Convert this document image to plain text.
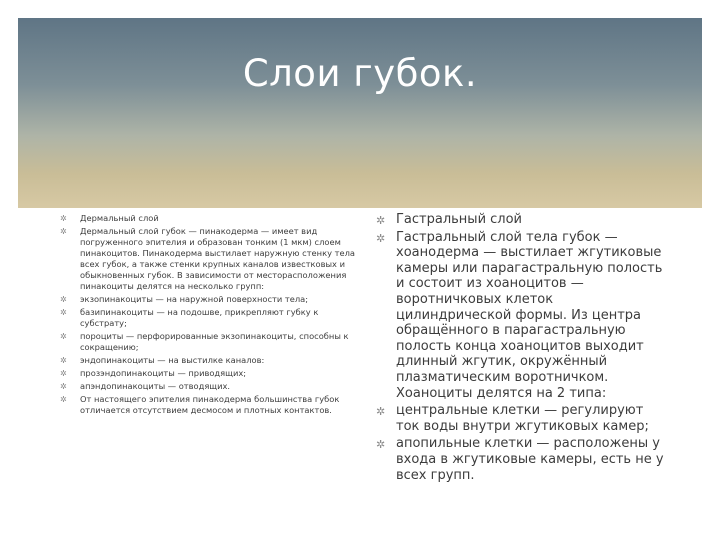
Слои губок.
✲ Дермальный слой
✲ Дермальный слой губок — пинакодерма — имеет вид погруженного эпителия и образован тонким (1 мкм) слоем пинакоцитов. Пинакодерма выстилает наружную стенку тела всех губок, а также стенки крупных каналов известковых и обыкновенных губок. В зависимости от месторасположения пинакоциты делятся на несколько групп:
✲ экзопинакоциты — на наружной поверхности тела;
✲ базипинакоциты — на подошве, прикрепляют губку к субстрату;
✲ пороциты — перфорированные экзопинакоциты, способны к сокращению;
✲ эндопинакоциты — на выстилке каналов:
✲ прозэндопинакоциты — приводящих;
✲ апэндопинакоциты — отводящих.
✲ От настоящего эпителия пинакодерма большинства губок отличается отсутствием десмосом и плотных контактов.
✲ Гастральный слой
✲ Гастральный слой тела губок — хоанодерма — выстилает жгутиковые камеры или парагастральную полость и состоит из хоаноцитов — воротничковых клеток цилиндрической формы. Из центра обращённого в парагастральную полость конца хоаноцитов выходит длинный жгутик, окружённый плазматическим воротничком. Хоаноциты делятся на 2 типа:
✲ центральные клетки — регулируют ток воды внутри жгутиковых камер;
✲ апопильные клетки — расположены у входа в жгутиковые камеры, есть не у всех групп.
